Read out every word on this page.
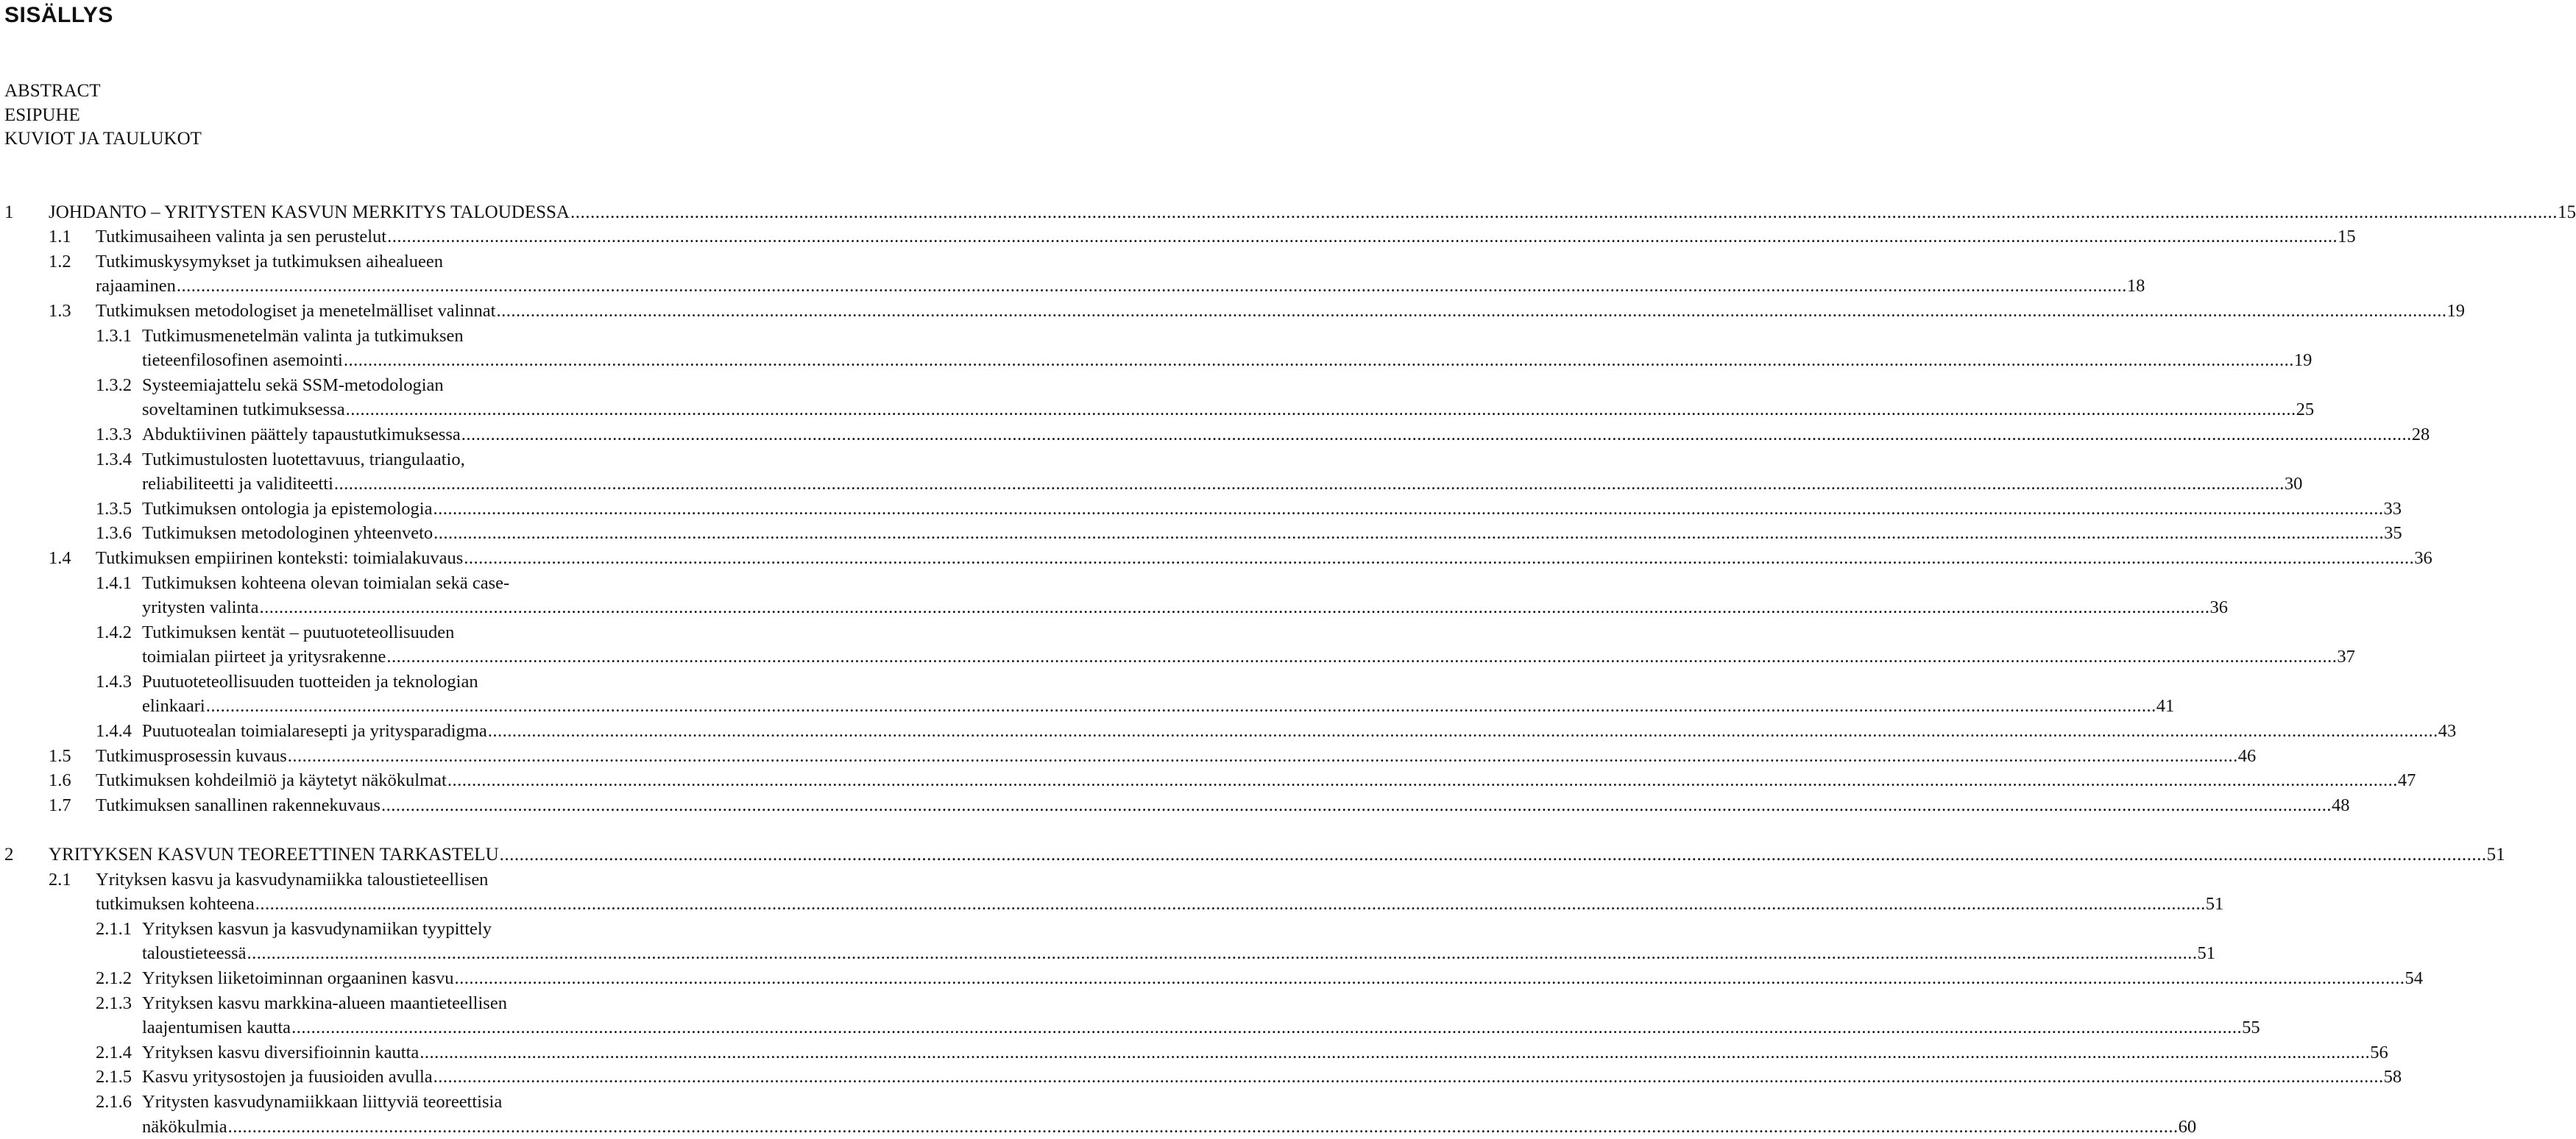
SISÄLLYS
ABSTRACT
ESIPUHE
KUVIOT JA TAULUKOT
1 JOHDANTO – YRITYSTEN KASVUN MERKITYS TALOUDESSA ................................................................................................................................................................................................................................................................................................................................................................................................................ 15
1.1 Tutkimusaiheen valinta ja sen perustelut ................................................................................................................................................................................................................................................................................................................................................................................................................ 15
1.2 Tutkimuskysymykset ja tutkimuksen aihealueen
rajaaminen ................................................................................................................................................................................................................................................................................................................................................................................................................ 18
1.3 Tutkimuksen metodologiset ja menetelmälliset valinnat ................................................................................................................................................................................................................................................................................................................................................................................................................ 19
1.3.1 Tutkimusmenetelmän valinta ja tutkimuksen
tieteenfilosofinen asemointi ................................................................................................................................................................................................................................................................................................................................................................................................................ 19
1.3.2 Systeemiajattelu sekä SSM-metodologian
soveltaminen tutkimuksessa ................................................................................................................................................................................................................................................................................................................................................................................................................ 25
1.3.3 Abduktiivinen päättely tapaustutkimuksessa ................................................................................................................................................................................................................................................................................................................................................................................................................ 28
1.3.4 Tutkimustulosten luotettavuus, triangulaatio,
reliabiliteetti ja validiteetti ................................................................................................................................................................................................................................................................................................................................................................................................................ 30
1.3.5 Tutkimuksen ontologia ja epistemologia ................................................................................................................................................................................................................................................................................................................................................................................................................ 33
1.3.6 Tutkimuksen metodologinen yhteenveto ................................................................................................................................................................................................................................................................................................................................................................................................................ 35
1.4 Tutkimuksen empiirinen konteksti: toimialakuvaus ................................................................................................................................................................................................................................................................................................................................................................................................................ 36
1.4.1 Tutkimuksen kohteena olevan toimialan sekä case-
yritysten valinta ................................................................................................................................................................................................................................................................................................................................................................................................................ 36
1.4.2 Tutkimuksen kentät – puutuoteteollisuuden
toimialan piirteet ja yritysrakenne ................................................................................................................................................................................................................................................................................................................................................................................................................ 37
1.4.3 Puutuoteteollisuuden tuotteiden ja teknologian
elinkaari ................................................................................................................................................................................................................................................................................................................................................................................................................ 41
1.4.4 Puutuotealan toimialaresepti ja yritysparadigma ................................................................................................................................................................................................................................................................................................................................................................................................................ 43
1.5 Tutkimusprosessin kuvaus ................................................................................................................................................................................................................................................................................................................................................................................................................ 46
1.6 Tutkimuksen kohdeilmiö ja käytetyt näkökulmat ................................................................................................................................................................................................................................................................................................................................................................................................................ 47
1.7 Tutkimuksen sanallinen rakennekuvaus ................................................................................................................................................................................................................................................................................................................................................................................................................ 48
2 YRITYKSEN KASVUN TEOREETTINEN TARKASTELU ................................................................................................................................................................................................................................................................................................................................................................................................................ 51
2.1 Yrityksen kasvu ja kasvudynamiikka taloustieteellisen
tutkimuksen kohteena ................................................................................................................................................................................................................................................................................................................................................................................................................ 51
2.1.1 Yrityksen kasvun ja kasvudynamiikan tyypittely
taloustieteessä ................................................................................................................................................................................................................................................................................................................................................................................................................ 51
2.1.2 Yrityksen liiketoiminnan orgaaninen kasvu ................................................................................................................................................................................................................................................................................................................................................................................................................ 54
2.1.3 Yrityksen kasvu markkina-alueen maantieteellisen
laajentumisen kautta ................................................................................................................................................................................................................................................................................................................................................................................................................ 55
2.1.4 Yrityksen kasvu diversifioinnin kautta ................................................................................................................................................................................................................................................................................................................................................................................................................ 56
2.1.5 Kasvu yritysostojen ja fuusioiden avulla ................................................................................................................................................................................................................................................................................................................................................................................................................ 58
2.1.6 Yritysten kasvudynamiikkaan liittyviä teoreettisia
näkökulmia ................................................................................................................................................................................................................................................................................................................................................................................................................ 60
